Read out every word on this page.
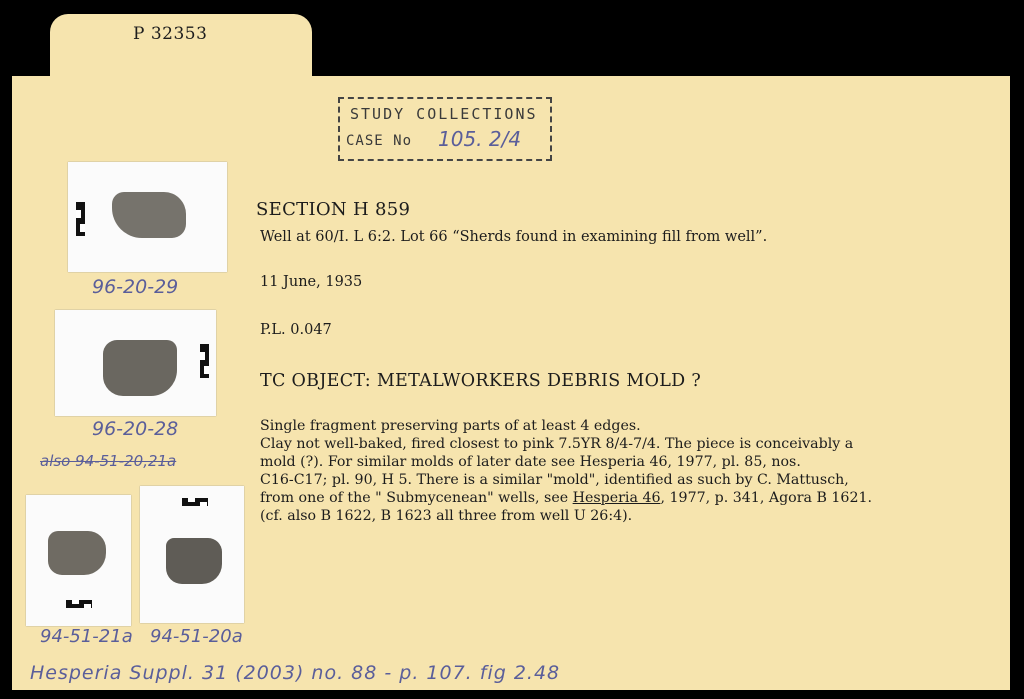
P 32353
STUDY COLLECTIONS
CASE No 105. 2/4
SECTION H 859
Well at 60/I. L 6:2. Lot 66 “Sherds found in examining fill from well”.
11 June, 1935
P.L. 0.047
TC OBJECT: METALWORKERS DEBRIS MOLD ?
Single fragment preserving parts of at least 4 edges.
Clay not well-baked, fired closest to pink 7.5YR 8/4-7/4. The piece is conceivably a
mold (?). For similar molds of later date see Hesperia 46, 1977, pl. 85, nos.
C16-C17; pl. 90, H 5. There is a similar "mold", identified as such by C. Mattusch,
from one of the " Submycenean" wells, see Hesperia 46, 1977, p. 341, Agora B 1621.
(cf. also B 1622, B 1623 all three from well U 26:4).
96-20-29
96-20-28
also 94-51-20,21a
94-51-21a 94-51-20a
Hesperia Suppl. 31 (2003) no. 88 - p. 107. fig 2.48
